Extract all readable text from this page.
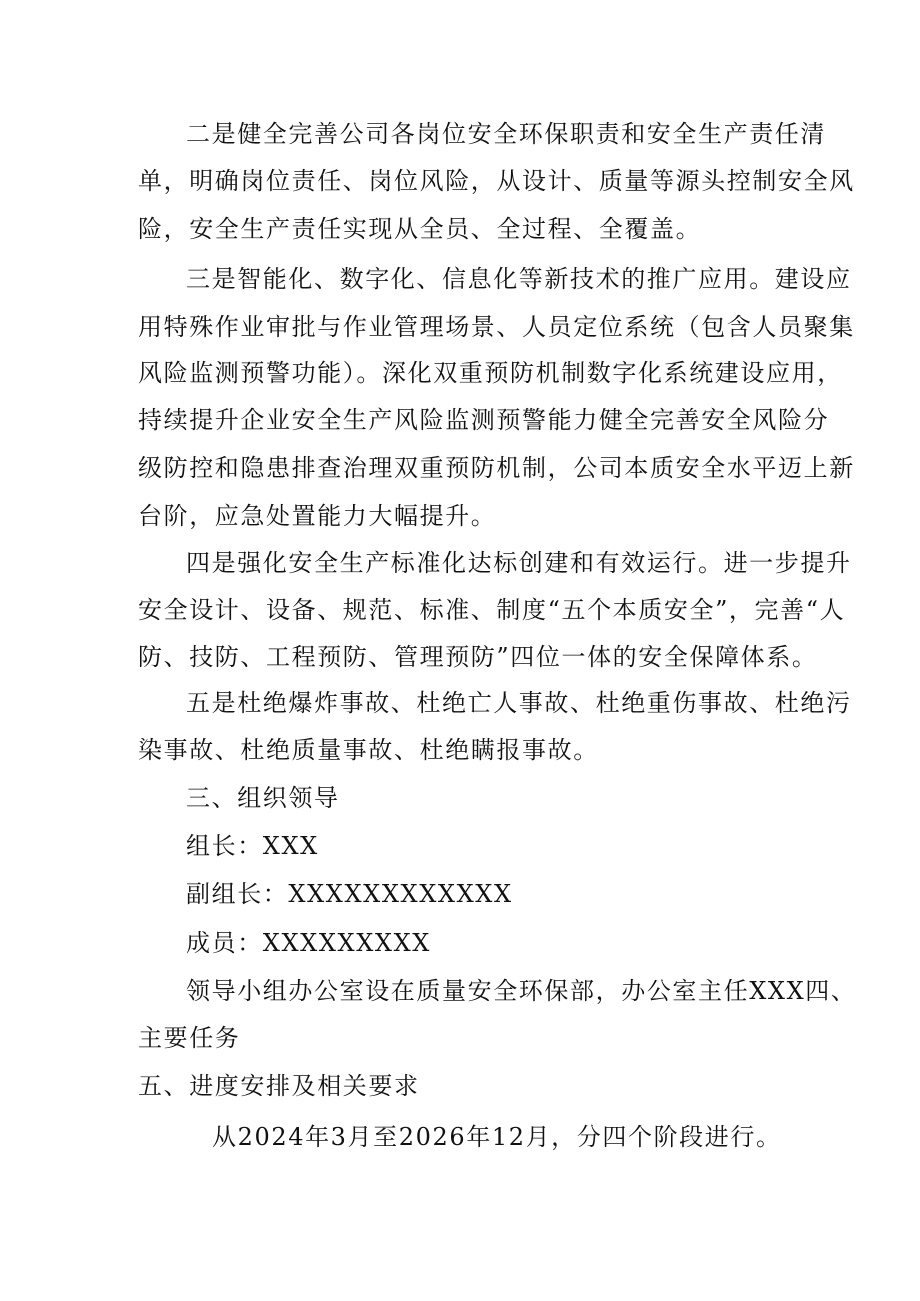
二是健全完善公司各岗位安全环保职责和安全生产责任清
单，明确岗位责任、岗位风险，从设计、质量等源头控制安全风
险，安全生产责任实现从全员、全过程、全覆盖。
三是智能化、数字化、信息化等新技术的推广应用。建设应
用特殊作业审批与作业管理场景、人员定位系统（包含人员聚集
风险监测预警功能）。深化双重预防机制数字化系统建设应用，
持续提升企业安全生产风险监测预警能力健全完善安全风险分
级防控和隐患排查治理双重预防机制，公司本质安全水平迈上新
台阶，应急处置能力大幅提升。
四是强化安全生产标准化达标创建和有效运行。进一步提升
安全设计、设备、规范、标准、制度“五个本质安全”，完善“人
防、技防、工程预防、管理预防”四位一体的安全保障体系。
五是杜绝爆炸事故、杜绝亡人事故、杜绝重伤事故、杜绝污
染事故、杜绝质量事故、杜绝瞒报事故。
三、组织领导
组长：XXX
副组长：XXXXXXXXXXXX
成员：XXXXXXXXX
领导小组办公室设在质量安全环保部，办公室主任XXX四、
主要任务
五、进度安排及相关要求
从2024年3月至2026年12月，分四个阶段进行。
